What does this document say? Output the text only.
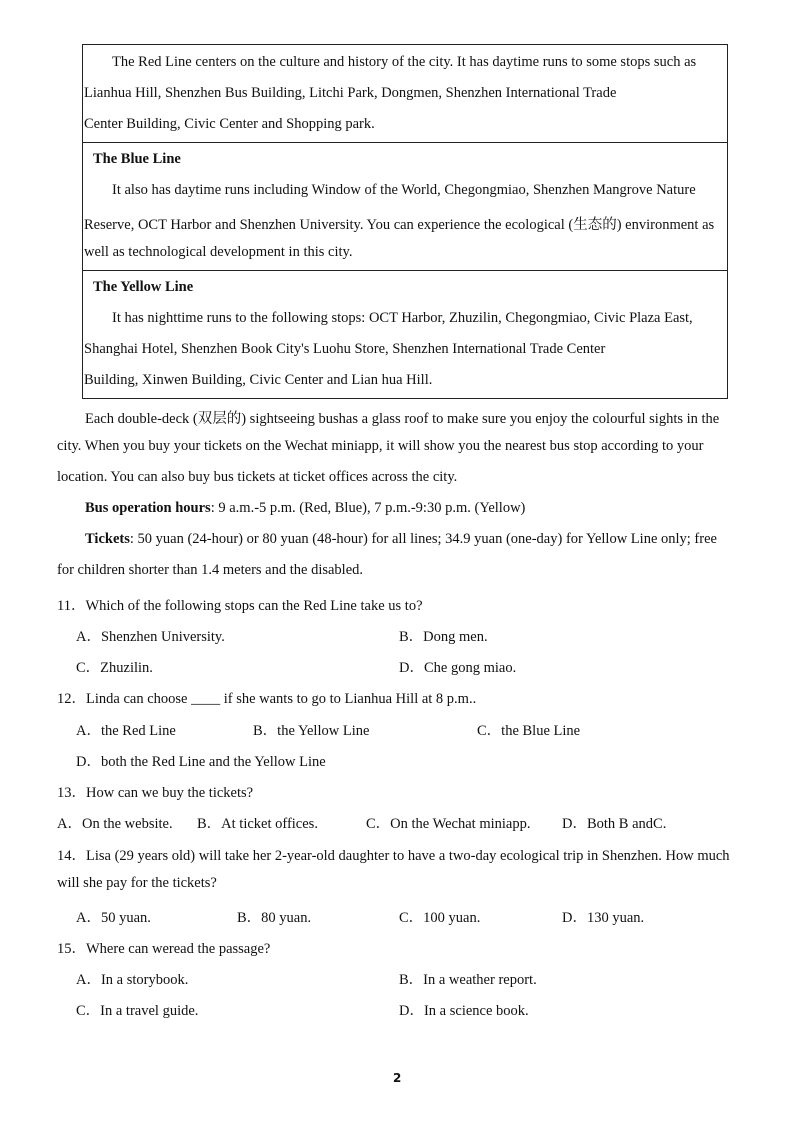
The Red Line centers on the culture and history of the city. It has daytime runs to some stops such as
Lianhua Hill, Shenzhen Bus Building, Litchi Park, Dongmen, Shenzhen International Trade
Center Building, Civic Center and Shopping park.
The Blue Line
It also has daytime runs including Window of the World, Chegongmiao, Shenzhen Mangrove Nature
Reserve, OCT Harbor and Shenzhen University. You can experience the ecological (生态的) environment as
well as technological development in this city.
The Yellow Line
It has nighttime runs to the following stops: OCT Harbor, Zhuzilin, Chegongmiao, Civic Plaza East,
Shanghai Hotel, Shenzhen Book City's Luohu Store, Shenzhen International Trade Center
Building, Xinwen Building, Civic Center and Lian hua Hill.
Each double-deck (双层的) sightseeing bushas a glass roof to make sure you enjoy the colourful sights in the
city. When you buy your tickets on the Wechat miniapp, it will show you the nearest bus stop according to your
location. You can also buy bus tickets at ticket offices across the city.
Bus operation hours: 9 a.m.-5 p.m. (Red, Blue), 7 p.m.-9:30 p.m. (Yellow)
Tickets: 50 yuan (24-hour) or 80 yuan (48-hour) for all lines; 34.9 yuan (one-day) for Yellow Line only; free
for children shorter than 1.4 meters and the disabled.
11．Which of the following stops can the Red Line take us to?
A．Shenzhen University.	B．Dong men.
C．Zhuzilin.	D．Che gong miao.
12．Linda can choose ____ if she wants to go to Lianhua Hill at 8 p.m..
A．the Red Line	B．the Yellow Line	C．the Blue Line
D．both the Red Line and the Yellow Line
13．How can we buy the tickets?
A．On the website. B．At ticket offices.	C．On the Wechat miniapp. D．Both B andC.
14．Lisa (29 years old) will take her 2-year-old daughter to have a two-day ecological trip in Shenzhen. How much
will she pay for the tickets?
A．50 yuan.	B．80 yuan.	C．100 yuan.	D．130 yuan.
15．Where can weread the passage?
A．In a storybook.	B．In a weather report.
C．In a travel guide.	D．In a science book.
2
